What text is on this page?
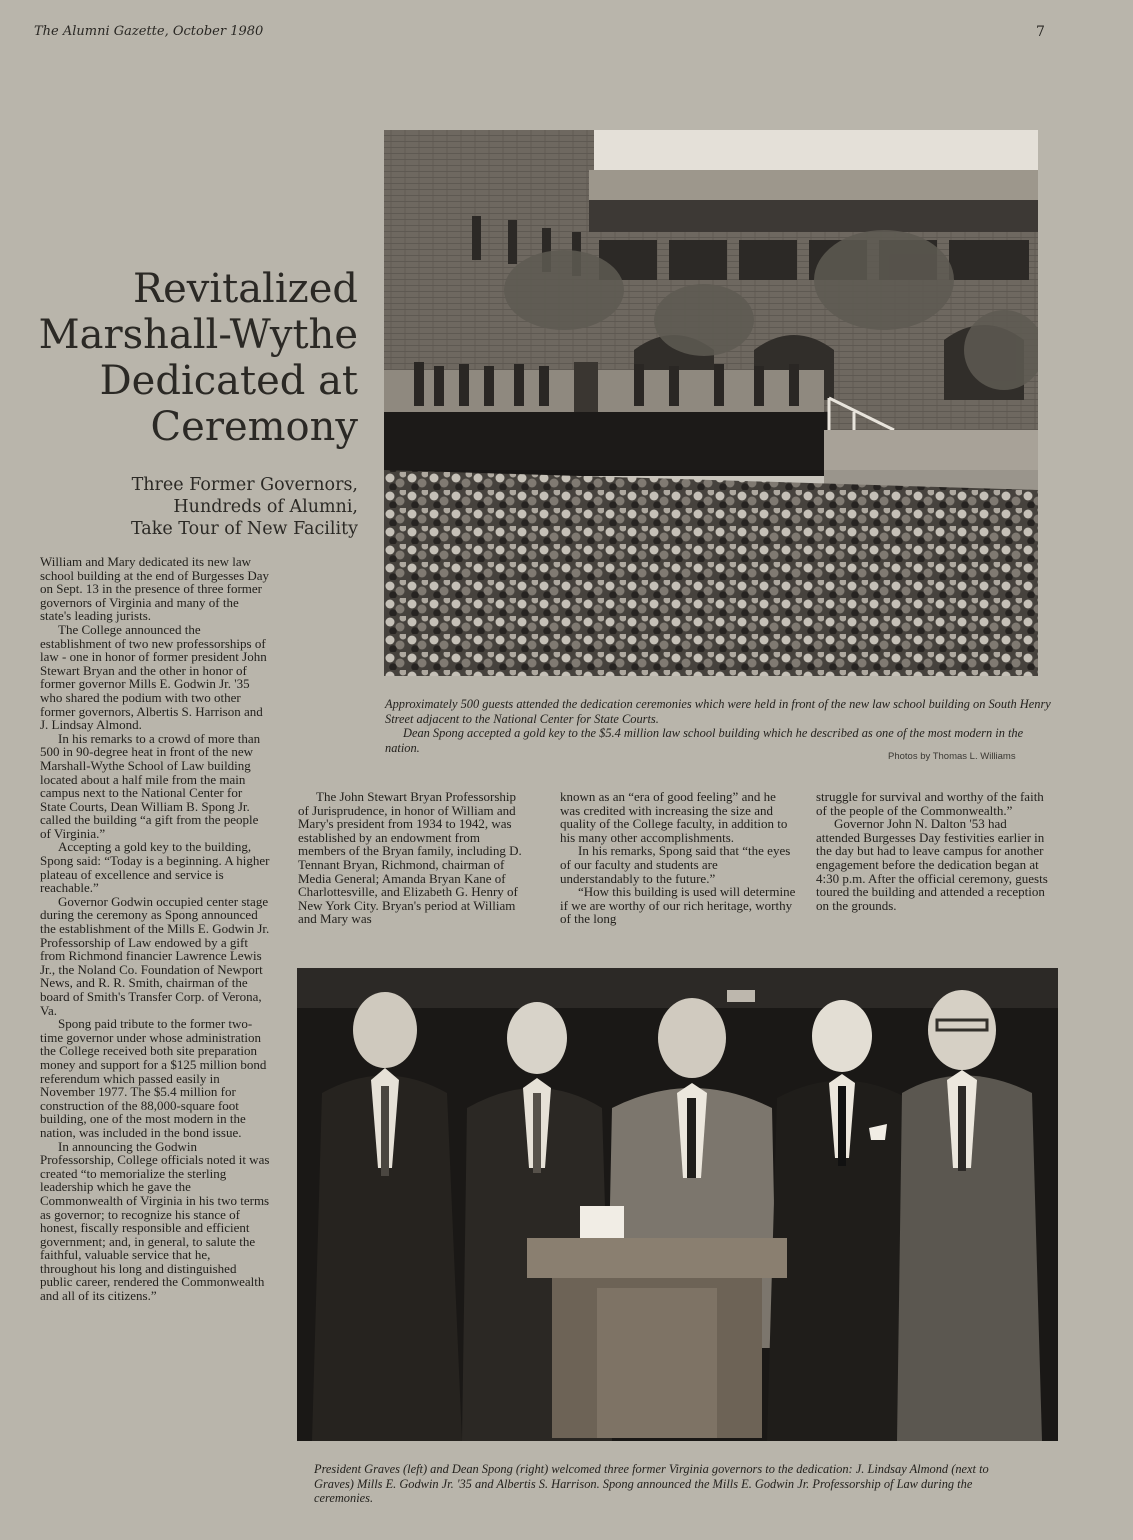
The Alumni Gazette, October 1980	7
Revitalized
Marshall-Wythe
Dedicated at
Ceremony
Three Former Governors,
Hundreds of Alumni,
Take Tour of New Facility

Approximately 500 guests attended the dedication ceremonies which were held in front of the new law school building on South Henry Street adjacent to the National Center for State Courts.

Dean Spong accepted a gold key to the $5.4 million law school building which he described as one of the most modern in the nation.

Photos by Thomas L. Williams

William and Mary dedicated its new law school building at the end of Burgesses Day on Sept. 13 in the presence of three former governors of Virginia and many of the state's leading jurists.

The College announced the establishment of two new professorships of law - one in honor of former president John Stewart Bryan and the other in honor of former governor Mills E. Godwin Jr. '35 who shared the podium with two other former governors, Albertis S. Harrison and J. Lindsay Almond.

In his remarks to a crowd of more than 500 in 90-degree heat in front of the new Marshall-Wythe School of Law building located about a half mile from the main campus next to the National Center for State Courts, Dean William B. Spong Jr. called the building “a gift from the people of Virginia.”

Accepting a gold key to the building, Spong said: “Today is a beginning. A higher plateau of excellence and service is reachable.”

Governor Godwin occupied center stage during the ceremony as Spong announced the establishment of the Mills E. Godwin Jr. Professorship of Law endowed by a gift from Richmond financier Lawrence Lewis Jr., the Noland Co. Foundation of Newport News, and R. R. Smith, chairman of the board of Smith's Transfer Corp. of Verona, Va.

Spong paid tribute to the former two-time governor under whose administration the College received both site preparation money and support for a $125 million bond referendum which passed easily in November 1977. The $5.4 million for construction of the 88,000-square foot building, one of the most modern in the nation, was included in the bond issue.

In announcing the Godwin Professorship, College officials noted it was created “to memorialize the sterling leadership which he gave the Commonwealth of Virginia in his two terms as governor; to recognize his stance of honest, fiscally responsible and efficient government; and, in general, to salute the faithful, valuable service that he, throughout his long and distinguished public career, rendered the Commonwealth and all of its citizens.”

The John Stewart Bryan Professorship of Jurisprudence, in honor of William and Mary's president from 1934 to 1942, was established by an endowment from members of the Bryan family, including D. Tennant Bryan, Richmond, chairman of Media General; Amanda Bryan Kane of Charlottesville, and Elizabeth G. Henry of New York City. Bryan's period at William and Mary was

known as an “era of good feeling” and he was credited with increasing the size and quality of the College faculty, in addition to his many other accomplishments.

In his remarks, Spong said that “the eyes of our faculty and students are understandably to the future.”

“How this building is used will determine if we are worthy of our rich heritage, worthy of the long

struggle for survival and worthy of the faith of the people of the Commonwealth.”

Governor John N. Dalton '53 had attended Burgesses Day festivities earlier in the day but had to leave campus for another engagement before the dedication began at 4:30 p.m. After the official ceremony, guests toured the building and attended a reception on the grounds.

President Graves (left) and Dean Spong (right) welcomed three former Virginia governors to the dedication: J. Lindsay Almond (next to Graves) Mills E. Godwin Jr. '35 and Albertis S. Harrison. Spong announced the Mills E. Godwin Jr. Professorship of Law during the ceremonies.
